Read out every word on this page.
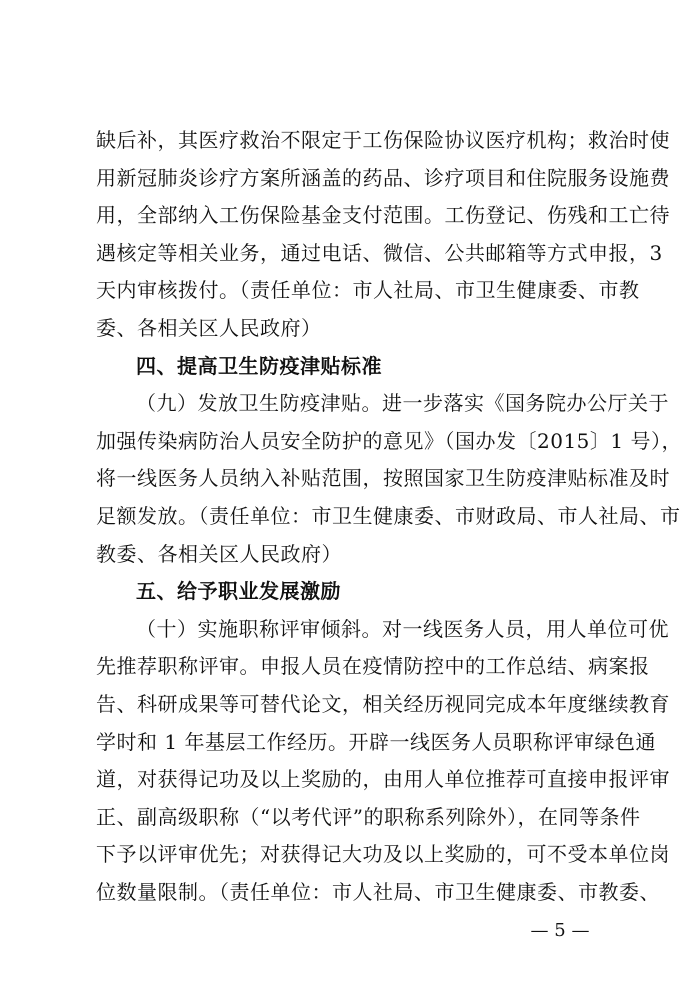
缺后补，其医疗救治不限定于工伤保险协议医疗机构；救治时使
用新冠肺炎诊疗方案所涵盖的药品、诊疗项目和住院服务设施费
用，全部纳入工伤保险基金支付范围。工伤登记、伤残和工亡待
遇核定等相关业务，通过电话、微信、公共邮箱等方式申报，3
天内审核拨付。（责任单位：市人社局、市卫生健康委、市教
委、各相关区人民政府）
四、提高卫生防疫津贴标准
（九）发放卫生防疫津贴。进一步落实《国务院办公厅关于
加强传染病防治人员安全防护的意见》（国办发〔2015〕1 号），
将一线医务人员纳入补贴范围，按照国家卫生防疫津贴标准及时
足额发放。（责任单位：市卫生健康委、市财政局、市人社局、市
教委、各相关区人民政府）
五、给予职业发展激励
（十）实施职称评审倾斜。对一线医务人员，用人单位可优
先推荐职称评审。申报人员在疫情防控中的工作总结、病案报
告、科研成果等可替代论文，相关经历视同完成本年度继续教育
学时和 1 年基层工作经历。开辟一线医务人员职称评审绿色通
道，对获得记功及以上奖励的，由用人单位推荐可直接申报评审
正、副高级职称（“以考代评”的职称系列除外），在同等条件
下予以评审优先；对获得记大功及以上奖励的，可不受本单位岗
位数量限制。（责任单位：市人社局、市卫生健康委、市教委、
— 5 —
